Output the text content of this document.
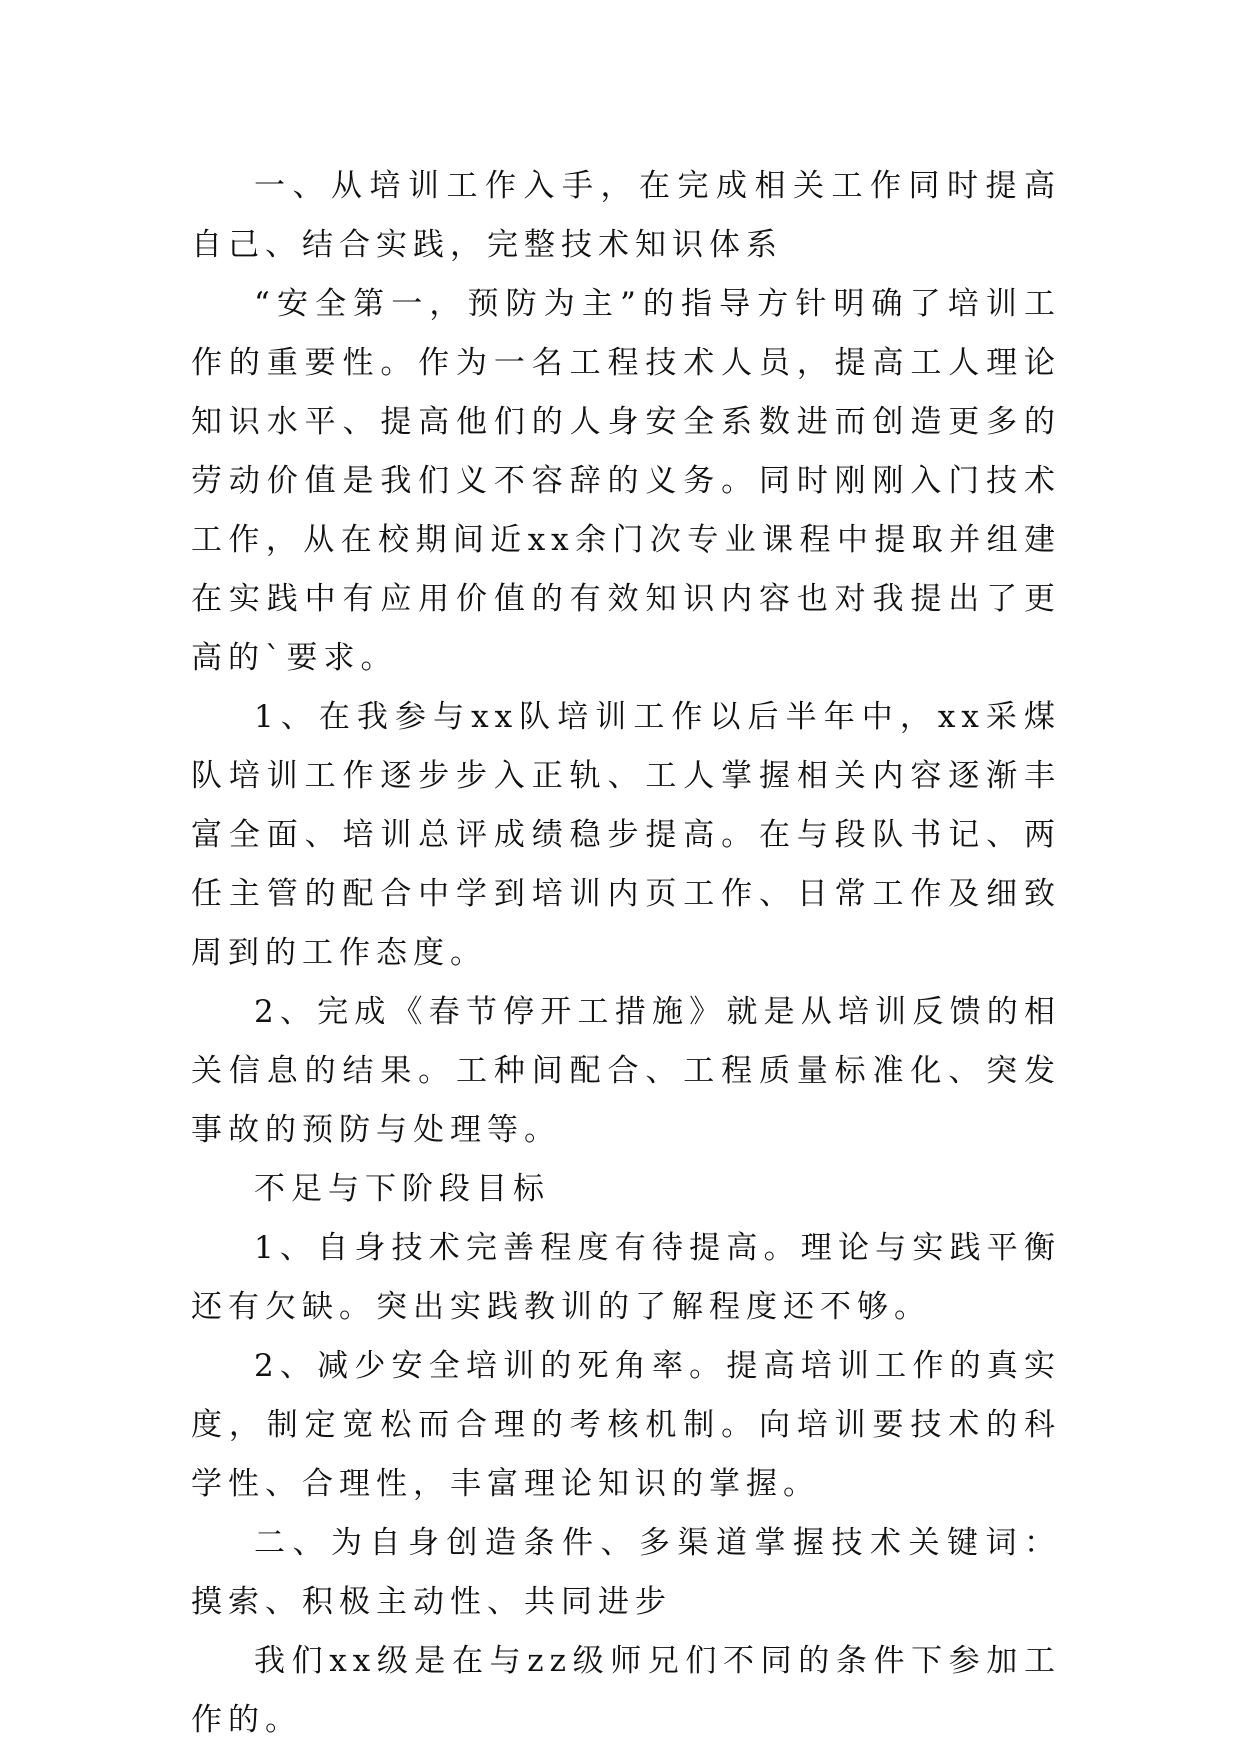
一、从培训工作入手，在完成相关工作同时提高自己、结合实践，完整技术知识体系

“安全第一，预防为主”的指导方针明确了培训工作的重要性。作为一名工程技术人员，提高工人理论知识水平、提高他们的人身安全系数进而创造更多的劳动价值是我们义不容辞的义务。同时刚刚入门技术工作，从在校期间近xx余门次专业课程中提取并组建在实践中有应用价值的有效知识内容也对我提出了更高的`要求。

1、在我参与xx队培训工作以后半年中，xx采煤队培训工作逐步步入正轨、工人掌握相关内容逐渐丰富全面、培训总评成绩稳步提高。在与段队书记、两任主管的配合中学到培训内页工作、日常工作及细致周到的工作态度。

2、完成《春节停开工措施》就是从培训反馈的相关信息的结果。工种间配合、工程质量标准化、突发事故的预防与处理等。

不足与下阶段目标

1、自身技术完善程度有待提高。理论与实践平衡还有欠缺。突出实践教训的了解程度还不够。

2、减少安全培训的死角率。提高培训工作的真实度，制定宽松而合理的考核机制。向培训要技术的科学性、合理性，丰富理论知识的掌握。

二、为自身创造条件、多渠道掌握技术关键词：摸索、积极主动性、共同进步

我们xx级是在与zz级师兄们不同的条件下参加工作的。
